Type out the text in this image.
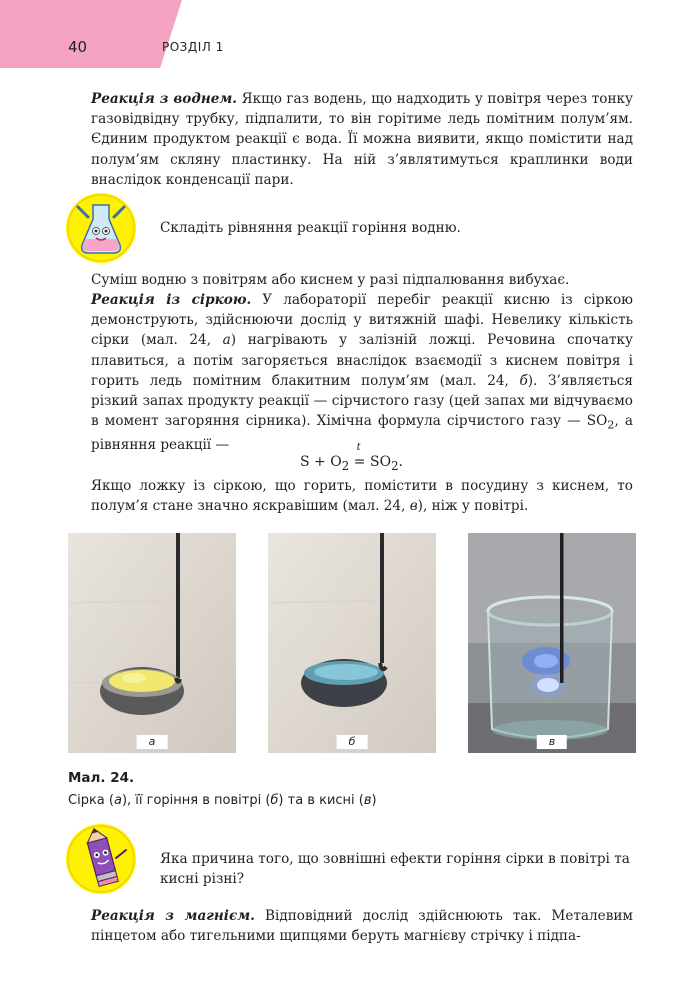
40	РОЗДІЛ 1

Реакція з воднем. Якщо газ водень, що надходить у повітря через тонку газовідвідну трубку, підпалити, то він горітиме ледь помітним полум’ям. Єдиним продуктом реакції є вода. Її можна виявити, якщо помістити над полум’ям скляну пластинку. На ній з’являтимуться краплинки води внаслідок конденсації пари.

Складіть рівняння реакції горіння водню.

Суміш водню з повітрям або киснем у разі підпалювання вибухає.

Реакція із сіркою. У лабораторії перебіг реакції кисню із сіркою демонструють, здійснюючи дослід у витяжній шафі. Невелику кількість сірки (мал. 24, а) нагрівають у залізній ложці. Речовина спочатку плавиться, а потім загоряється внаслідок взаємодії з киснем повітря і горить ледь помітним блакитним полум’ям (мал. 24, б). З’являється різкий запах продукту реакції — сірчистого газу (цей запах ми відчуваємо в момент загоряння сірника). Хімічна формула сірчистого газу — $SO_2$, а рівняння реакції —

$S + O_2$
t
= $SO_2$.

Якщо ложку із сіркою, що горить, помістити в посудину з киснем, то полум’я стане значно яскравішим (мал. 24, в), ніж у повітрі.

а	б	в
Мал. 24.
Сірка (а), її горіння в повітрі (б) та в кисні (в)

Яка причина того, що зовнішні ефекти горіння сірки в повітрі та кисні різні?

Реакція з магнієм. Відповідний дослід здійснюють так. Металевим пінцетом або тигельними щипцями беруть магнієву стрічку і підпа-
